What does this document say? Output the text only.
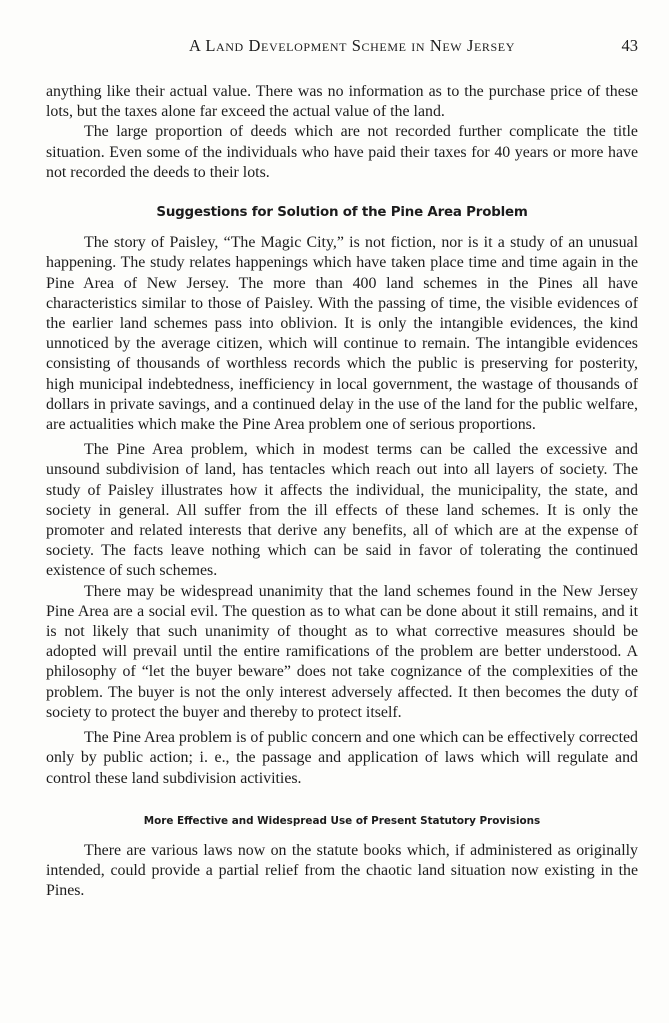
A Land Development Scheme in New Jersey	43

anything like their actual value. There was no information as to the purchase price of these lots, but the taxes alone far exceed the actual value of the land.

The large proportion of deeds which are not recorded further complicate the title situation. Even some of the individuals who have paid their taxes for 40 years or more have not recorded the deeds to their lots.

Suggestions for Solution of the Pine Area Problem

The story of Paisley, “The Magic City,” is not fiction, nor is it a study of an unusual happening. The study relates happenings which have taken place time and time again in the Pine Area of New Jersey. The more than 400 land schemes in the Pines all have characteristics similar to those of Paisley. With the passing of time, the visible evidences of the earlier land schemes pass into oblivion. It is only the intangible evidences, the kind unnoticed by the average citizen, which will continue to remain. The intangible evidences consisting of thousands of worthless records which the public is preserving for posterity, high municipal indebtedness, inefficiency in local government, the wastage of thousands of dollars in private savings, and a continued delay in the use of the land for the public welfare, are actualities which make the Pine Area problem one of serious proportions.

The Pine Area problem, which in modest terms can be called the excessive and unsound subdivision of land, has tentacles which reach out into all layers of society. The study of Paisley illustrates how it affects the individual, the municipality, the state, and society in general. All suffer from the ill effects of these land schemes. It is only the promoter and related interests that derive any benefits, all of which are at the expense of society. The facts leave nothing which can be said in favor of tolerating the continued existence of such schemes.

There may be widespread unanimity that the land schemes found in the New Jersey Pine Area are a social evil. The question as to what can be done about it still remains, and it is not likely that such unanimity of thought as to what corrective measures should be adopted will prevail until the entire ramifications of the problem are better understood. A philosophy of “let the buyer beware” does not take cognizance of the complexities of the problem. The buyer is not the only interest adversely affected. It then becomes the duty of society to protect the buyer and thereby to protect itself.

The Pine Area problem is of public concern and one which can be effectively corrected only by public action; i. e., the passage and application of laws which will regulate and control these land subdivision activities.

More Effective and Widespread Use of Present Statutory Provisions

There are various laws now on the statute books which, if administered as originally intended, could provide a partial relief from the chaotic land situation now existing in the Pines.
